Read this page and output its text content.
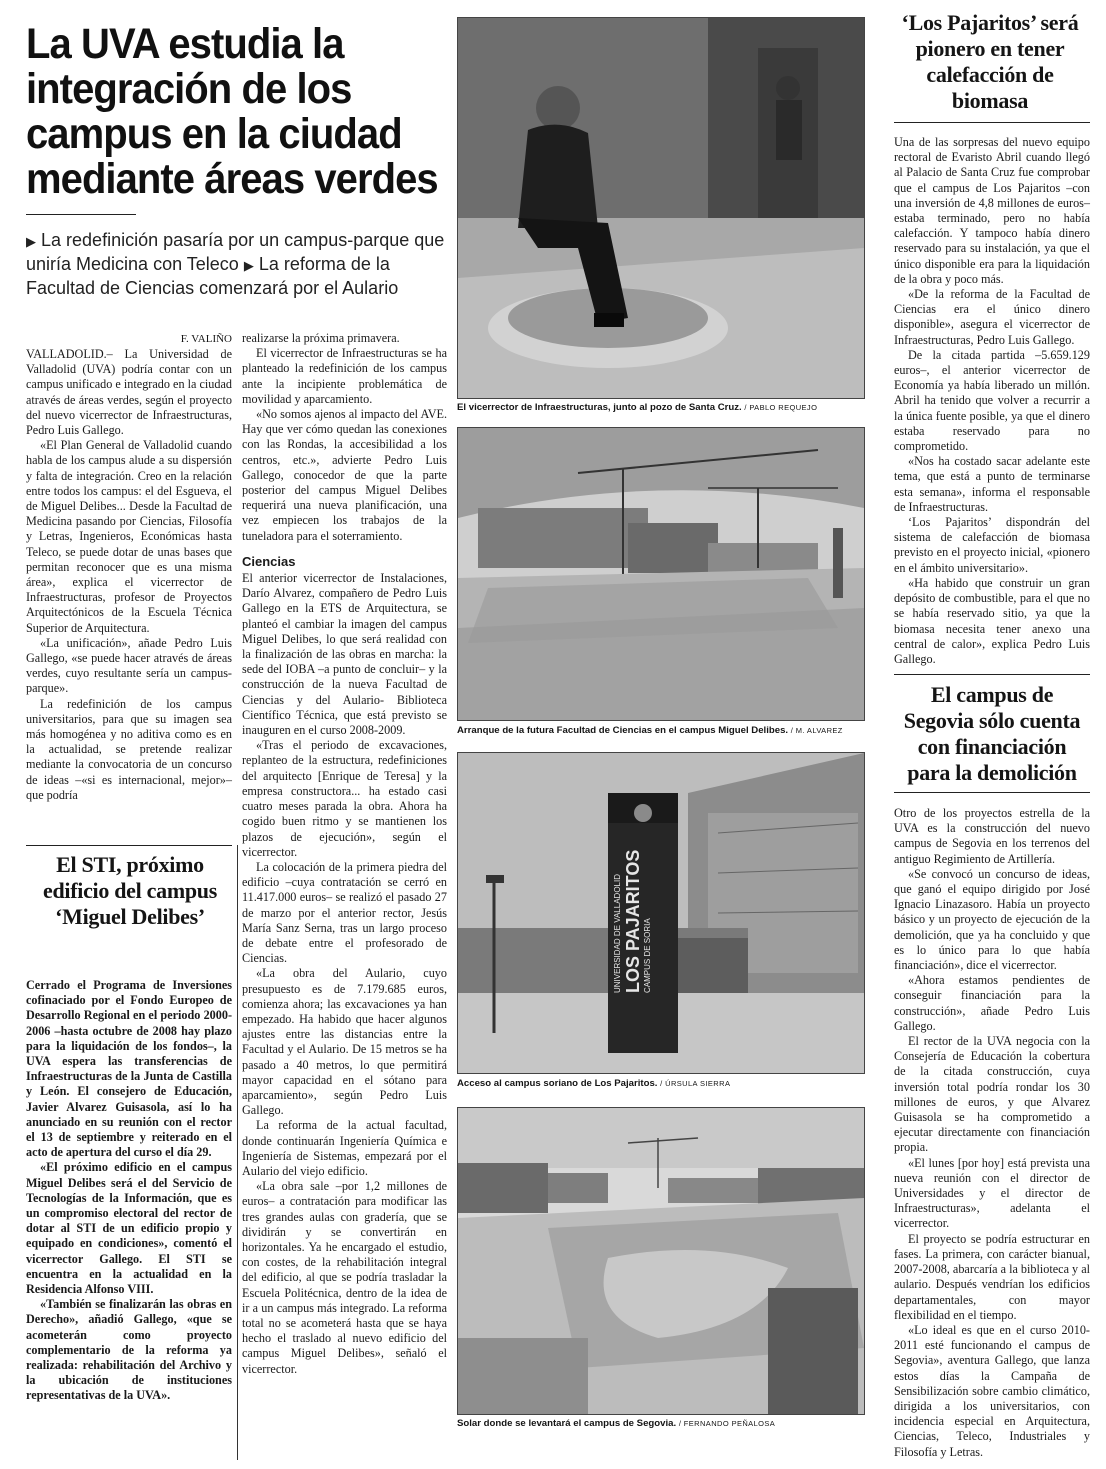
La UVA estudia la integración de los campus en la ciudad mediante áreas verdes
▶ La redefinición pasaría por un campus-parque que uniría Medicina con Teleco ▶ La reforma de la Facultad de Ciencias comenzará por el Aulario
F. VALIÑO

VALLADOLID.– La Universidad de Valladolid (UVA) podría contar con un campus unificado e integrado en la ciudad através de áreas verdes, según el proyecto del nuevo vicerrector de Infraestructuras, Pedro Luis Gallego.

«El Plan General de Valladolid cuando habla de los campus alude a su dispersión y falta de integración. Creo en la relación entre todos los campus: el del Esgueva, el de Miguel Delibes... Desde la Facultad de Medicina pasando por Ciencias, Filosofía y Letras, Ingenieros, Económicas hasta Teleco, se puede dotar de unas bases que permitan reconocer que es una misma área», explica el vicerrector de Infraestructuras, profesor de Proyectos Arquitectónicos de la Escuela Técnica Superior de Arquitectura.

«La unificación», añade Pedro Luis Gallego, «se puede hacer através de áreas verdes, cuyo resultante sería un campus-parque».

La redefinición de los campus universitarios, para que su imagen sea más homogénea y no aditiva como es en la actualidad, se pretende realizar mediante la convocatoria de un concurso de ideas –«si es internacional, mejor»– que podría

realizarse la próxima primavera.

El vicerrector de Infraestructuras se ha planteado la redefinición de los campus ante la incipiente problemática de movilidad y aparcamiento.

«No somos ajenos al impacto del AVE. Hay que ver cómo quedan las conexiones con las Rondas, la accesibilidad a los centros, etc.», advierte Pedro Luis Gallego, conocedor de que la parte posterior del campus Miguel Delibes requerirá una nueva planificación, una vez empiecen los trabajos de la tuneladora para el soterramiento.

Ciencias

El anterior vicerrector de Instalaciones, Darío Alvarez, compañero de Pedro Luis Gallego en la ETS de Arquitectura, se planteó el cambiar la imagen del campus Miguel Delibes, lo que será realidad con la finalización de las obras en marcha: la sede del IOBA –a punto de concluir– y la construcción de la nueva Facultad de Ciencias y del Aulario- Biblioteca Científico Técnica, que está previsto se inauguren en el curso 2008-2009.

«Tras el periodo de excavaciones, replanteo de la estructura, redefiniciones del arquitecto [Enrique de Teresa] y la empresa constructora... ha estado casi cuatro meses parada la obra. Ahora ha cogido buen ritmo y se mantienen los plazos de ejecución», según el vicerrector.

La colocación de la primera piedra del edificio –cuya contratación se cerró en 11.417.000 euros– se realizó el pasado 27 de marzo por el anterior rector, Jesús María Sanz Serna, tras un largo proceso de debate entre el profesorado de Ciencias.

«La obra del Aulario, cuyo presupuesto es de 7.179.685 euros, comienza ahora; las excavaciones ya han empezado. Ha habido que hacer algunos ajustes entre las distancias entre la Facultad y el Aulario. De 15 metros se ha pasado a 40 metros, lo que permitirá mayor capacidad en el sótano para aparcamiento», según Pedro Luis Gallego.

La reforma de la actual facultad, donde continuarán Ingeniería Química e Ingeniería de Sistemas, empezará por el Aulario del viejo edificio.

«La obra sale –por 1,2 millones de euros– a contratación para modificar las tres grandes aulas con gradería, que se dividirán y se convertirán en horizontales. Ya he encargado el estudio, con costes, de la rehabilitación integral del edificio, al que se podría trasladar la Escuela Politécnica, dentro de la idea de ir a un campus más integrado. La reforma total no se acometerá hasta que se haya hecho el traslado al nuevo edificio del campus Miguel Delibes», señaló el vicerrector.

El STI, próximo edificio del campus ‘Miguel Delibes’

Cerrado el Programa de Inversiones cofinaciado por el Fondo Europeo de Desarrollo Regional en el periodo 2000-2006 –hasta octubre de 2008 hay plazo para la liquidación de los fondos–, la UVA espera las transferencias de Infraestructuras de la Junta de Castilla y León. El consejero de Educación, Javier Alvarez Guisasola, así lo ha anunciado en su reunión con el rector el 13 de septiembre y reiterado en el acto de apertura del curso el día 29.

«El próximo edificio en el campus Miguel Delibes será el del Servicio de Tecnologías de la Información, que es un compromiso electoral del rector de dotar al STI de un edificio propio y equipado en condiciones», comentó el vicerrector Gallego. El STI se encuentra en la actualidad en la Residencia Alfonso VIII.

«También se finalizarán las obras en Derecho», añadió Gallego, «que se acometerán como proyecto complementario de la reforma ya realizada: rehabilitación del Archivo y la ubicación de instituciones representativas de la UVA».

El vicerrector de Infraestructuras, junto al pozo de Santa Cruz. / PABLO REQUEJO
Arranque de la futura Facultad de Ciencias en el campus Miguel Delibes. / M. ALVAREZ
UNIVERSIDAD DE VALLADOLID LOS PAJARITOS CAMPUS DE SORIA
Acceso al campus soriano de Los Pajaritos. / ÚRSULA SIERRA
Solar donde se levantará el campus de Segovia. / FERNANDO PEÑALOSA
‘Los Pajaritos’ será pionero en tener calefacción de biomasa

Una de las sorpresas del nuevo equipo rectoral de Evaristo Abril cuando llegó al Palacio de Santa Cruz fue comprobar que el campus de Los Pajaritos –con una inversión de 4,8 millones de euros– estaba terminado, pero no había calefacción. Y tampoco había dinero reservado para su instalación, ya que el único disponible era para la liquidación de la obra y poco más.

«De la reforma de la Facultad de Ciencias era el único dinero disponible», asegura el vicerrector de Infraestructuras, Pedro Luis Gallego.

De la citada partida –5.659.129 euros–, el anterior vicerrector de Economía ya había liberado un millón. Abril ha tenido que volver a recurrir a la única fuente posible, ya que el dinero estaba reservado para no comprometido.

«Nos ha costado sacar adelante este tema, que está a punto de terminarse esta semana», informa el responsable de Infraestructuras.

‘Los Pajaritos’ dispondrán del sistema de calefacción de biomasa previsto en el proyecto inicial, «pionero en el ámbito universitario».

«Ha habido que construir un gran depósito de combustible, para el que no se había reservado sitio, ya que la biomasa necesita tener anexo una central de calor», explica Pedro Luis Gallego.

El campus de Segovia sólo cuenta con financiación para la demolición

Otro de los proyectos estrella de la UVA es la construcción del nuevo campus de Segovia en los terrenos del antiguo Regimiento de Artillería.

«Se convocó un concurso de ideas, que ganó el equipo dirigido por José Ignacio Linazasoro. Había un proyecto básico y un proyecto de ejecución de la demolición, que ya ha concluido y que es lo único para lo que había financiación», dice el vicerrector.

«Ahora estamos pendientes de conseguir financiación para la construcción», añade Pedro Luis Gallego.

El rector de la UVA negocia con la Consejería de Educación la cobertura de la citada construcción, cuya inversión total podría rondar los 30 millones de euros, y que Alvarez Guisasola se ha comprometido a ejecutar directamente con financiación propia.

«El lunes [por hoy] está prevista una nueva reunión con el director de Universidades y el director de Infraestructuras», adelanta el vicerrector.

El proyecto se podría estructurar en fases. La primera, con carácter bianual, 2007-2008, abarcaría a la biblioteca y al aulario. Después vendrían los edificios departamentales, con mayor flexibilidad en el tiempo.

«Lo ideal es que en el curso 2010-2011 esté funcionando el campus de Segovia», aventura Gallego, que lanza estos días la Campaña de Sensibilización sobre cambio climático, dirigida a los universitarios, con incidencia especial en Arquitectura, Ciencias, Teleco, Industriales y Filosofía y Letras.
